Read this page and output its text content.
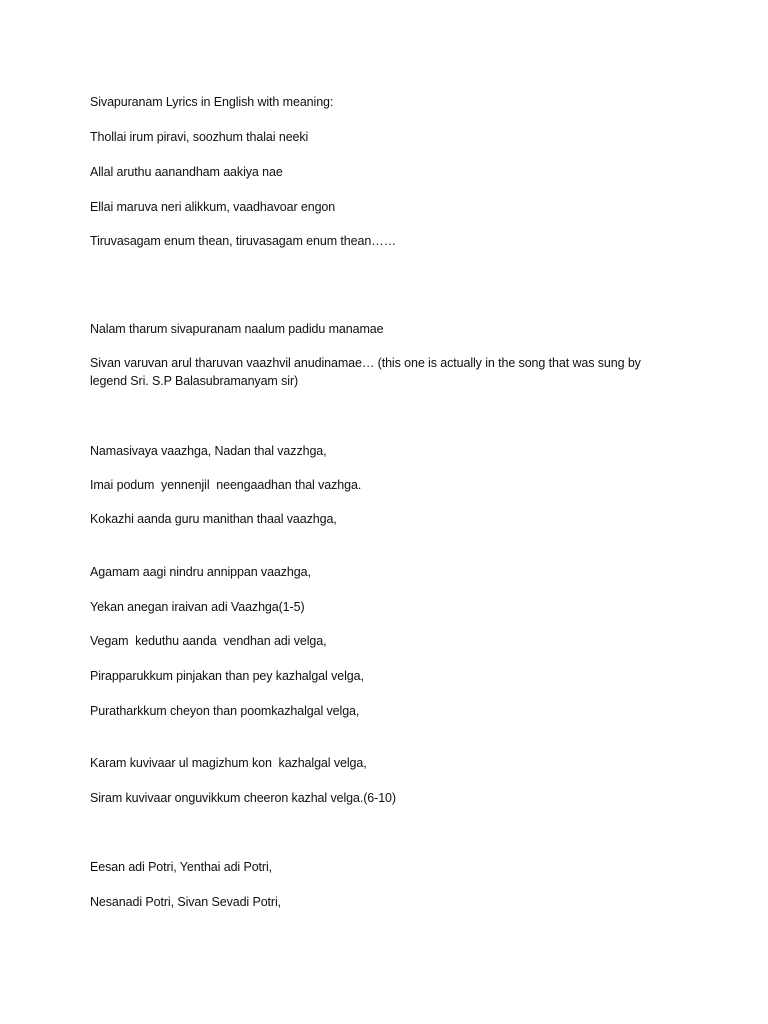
Sivapuranam Lyrics in English with meaning:

Thollai irum piravi, soozhum thalai neeki

Allal aruthu aanandham aakiya nae

Ellai maruva neri alikkum, vaadhavoar engon

Tiruvasagam enum thean, tiruvasagam enum thean……

Nalam tharum sivapuranam naalum padidu manamae

Sivan varuvan arul tharuvan vaazhvil anudinamae… (this one is actually in the song that was sung by legend Sri. S.P Balasubramanyam sir)

Namasivaya vaazhga, Nadan thal vazzhga,

Imai podum  yennenjil  neengaadhan thal vazhga.

Kokazhi aanda guru manithan thaal vaazhga,

Agamam aagi nindru annippan vaazhga,

Yekan anegan iraivan adi Vaazhga(1-5)

Vegam  keduthu aanda  vendhan adi velga,

Pirapparukkum pinjakan than pey kazhalgal velga,

Puratharkkum cheyon than poomkazhalgal velga,

Karam kuvivaar ul magizhum kon  kazhalgal velga,

Siram kuvivaar onguvikkum cheeron kazhal velga.(6-10)

Eesan adi Potri, Yenthai adi Potri,

Nesanadi Potri, Sivan Sevadi Potri,
